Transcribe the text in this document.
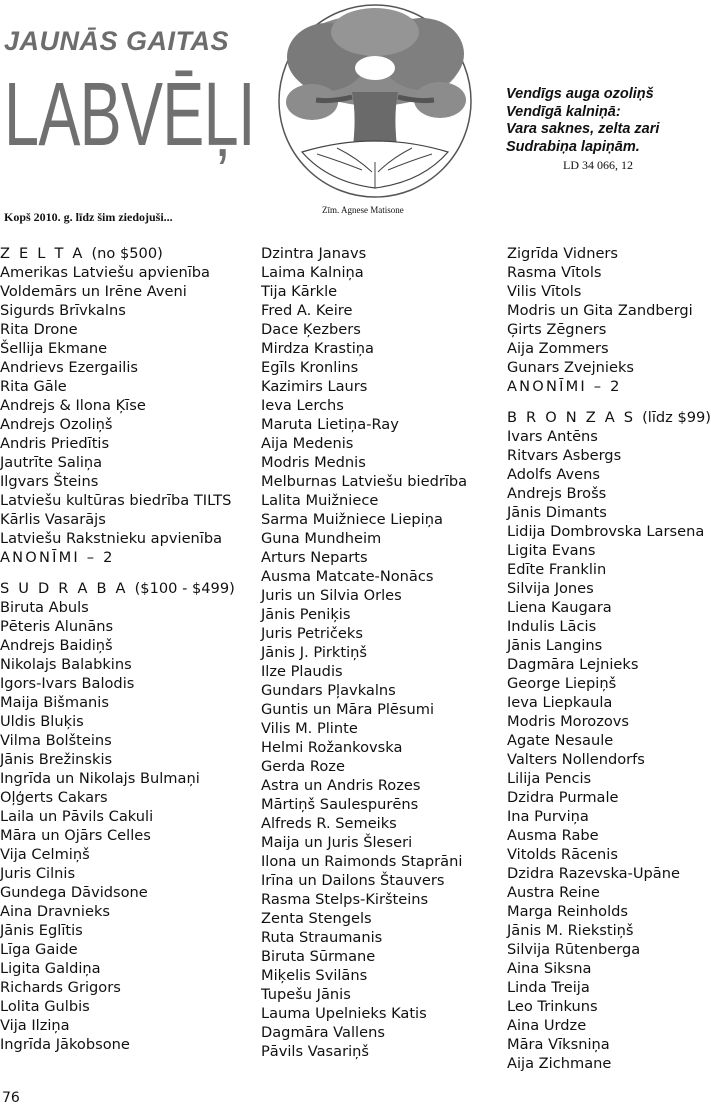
JAUNĀS GAITAS
LABVĒĻI
Kopš 2010. g. līdz šim ziedojuši...	Zīm. Agnese Matisone
Vendīgs auga ozoliņš
Vendīgā kalniņā:
Vara saknes, zelta zari
Sudrabiņa lapiņām.
LD 34 066, 12
Z E L T A (no $500)
Amerikas Latviešu apvienība
Voldemārs un Irēne Aveni
Sigurds Brīvkalns
Rita Drone
Šellija Ekmane
Andrievs Ezergailis
Rita Gāle
Andrejs & Ilona Ķīse
Andrejs Ozoliņš
Andris Priedītis
Jautrīte Saliņa
Ilgvars Šteins
Latviešu kultūras biedrība TILTS
Kārlis Vasarājs
Latviešu Rakstnieku apvienība
ANONĪMI – 2
S U D R A B A ($100 - $499)
Biruta Abuls
Pēteris Alunāns
Andrejs Baidiņš
Nikolajs Balabkins
Igors-Ivars Balodis
Maija Bišmanis
Uldis Bluķis
Vilma Bolšteins
Jānis Brežinskis
Ingrīda un Nikolajs Bulmaņi
Oļģerts Cakars
Laila un Pāvils Cakuli
Māra un Ojārs Celles
Vija Celmiņš
Juris Cilnis
Gundega Dāvidsone
Aina Dravnieks
Jānis Eglītis
Līga Gaide
Ligita Galdiņa
Richards Grigors
Lolita Gulbis
Vija Ilziņa
Ingrīda Jākobsone
Dzintra Janavs
Laima Kalniņa
Tija Kārkle
Fred A. Keire
Dace Ķezbers
Mirdza Krastiņa
Egīls Kronlins
Kazimirs Laurs
Ieva Lerchs
Maruta Lietiņa-Ray
Aija Medenis
Modris Mednis
Melburnas Latviešu biedrība
Lalita Muižniece
Sarma Muižniece Liepiņa
Guna Mundheim
Arturs Neparts
Ausma Matcate-Nonācs
Juris un Silvia Orles
Jānis Peniķis
Juris Petričeks
Jānis J. Pirktiņš
Ilze Plaudis
Gundars Pļavkalns
Guntis un Māra Plēsumi
Vilis M. Plinte
Helmi Rožankovska
Gerda Roze
Astra un Andris Rozes
Mārtiņš Saulespurēns
Alfreds R. Semeiks
Maija un Juris Šleseri
Ilona un Raimonds Staprāni
Irīna un Dailons Štauvers
Rasma Stelps-Kiršteins
Zenta Stengels
Ruta Straumanis
Biruta Sūrmane
Miķelis Svilāns
Tupešu Jānis
Lauma Upelnieks Katis
Dagmāra Vallens
Pāvils Vasariņš
Zigrīda Vidners
Rasma Vītols
Vilis Vītols
Modris un Gita Zandbergi
Ģirts Zēgners
Aija Zommers
Gunars Zvejnieks
ANONĪMI – 2
B R O N Z A S (līdz $99)
Ivars Antēns
Ritvars Asbergs
Adolfs Avens
Andrejs Brošs
Jānis Dimants
Lidija Dombrovska Larsena
Ligita Evans
Edīte Franklin
Silvija Jones
Liena Kaugara
Indulis Lācis
Jānis Langins
Dagmāra Lejnieks
George Liepiņš
Ieva Liepkaula
Modris Morozovs
Agate Nesaule
Valters Nollendorfs
Lilija Pencis
Dzidra Purmale
Ina Purviņa
Ausma Rabe
Vitolds Rācenis
Dzidra Razevska-Upāne
Austra Reine
Marga Reinholds
Jānis M. Riekstiņš
Silvija Rūtenberga
Aina Siksna
Linda Treija
Leo Trinkuns
Aina Urdze
Māra Vīksniņa
Aija Zichmane
76
